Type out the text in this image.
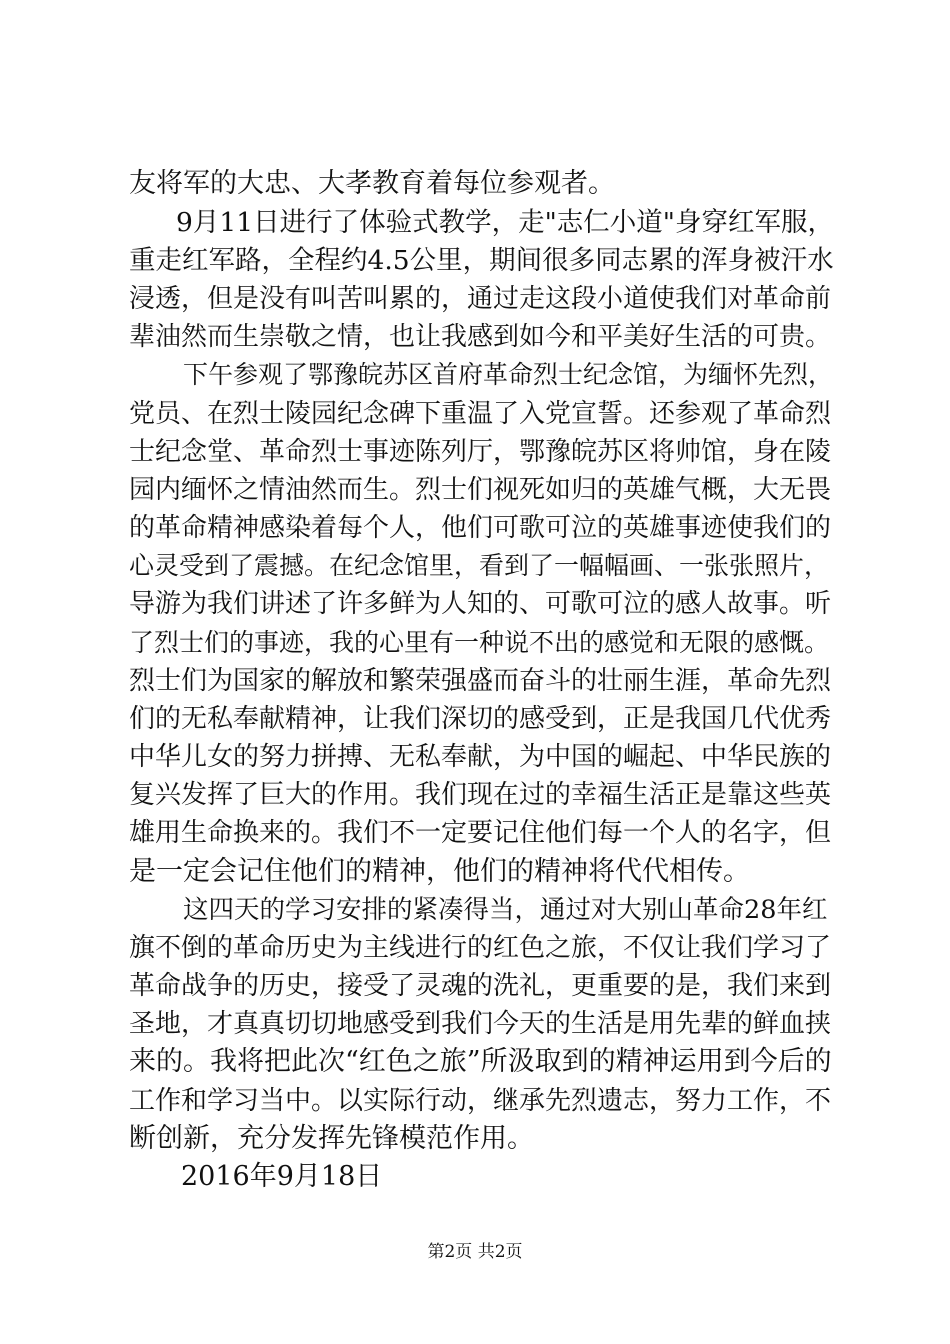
友将军的大忠、大孝教育着每位参观者。
9月11日进行了体验式教学，走"志仁小道"身穿红军服，
重走红军路，全程约4.5公里，期间很多同志累的浑身被汗水
浸透，但是没有叫苦叫累的，通过走这段小道使我们对革命前
辈油然而生崇敬之情，也让我感到如今和平美好生活的可贵。
下午参观了鄂豫皖苏区首府革命烈士纪念馆，为缅怀先烈，
党员、在烈士陵园纪念碑下重温了入党宣誓。还参观了革命烈
士纪念堂、革命烈士事迹陈列厅，鄂豫皖苏区将帅馆，身在陵
园内缅怀之情油然而生。烈士们视死如归的英雄气概，大无畏
的革命精神感染着每个人，他们可歌可泣的英雄事迹使我们的
心灵受到了震撼。在纪念馆里，看到了一幅幅画、一张张照片，
导游为我们讲述了许多鲜为人知的、可歌可泣的感人故事。听
了烈士们的事迹，我的心里有一种说不出的感觉和无限的感慨。
烈士们为国家的解放和繁荣强盛而奋斗的壮丽生涯，革命先烈
们的无私奉献精神，让我们深切的感受到，正是我国几代优秀
中华儿女的努力拼搏、无私奉献，为中国的崛起、中华民族的
复兴发挥了巨大的作用。我们现在过的幸福生活正是靠这些英
雄用生命换来的。我们不一定要记住他们每一个人的名字，但
是一定会记住他们的精神，他们的精神将代代相传。
这四天的学习安排的紧凑得当，通过对大别山革命28年红
旗不倒的革命历史为主线进行的红色之旅，不仅让我们学习了
革命战争的历史，接受了灵魂的洗礼，更重要的是，我们来到
圣地，才真真切切地感受到我们今天的生活是用先辈的鲜血挟
来的。我将把此次“红色之旅”所汲取到的精神运用到今后的
工作和学习当中。以实际行动，继承先烈遗志，努力工作，不
断创新，充分发挥先锋模范作用。
2016年9月18日
第2页 共2页
